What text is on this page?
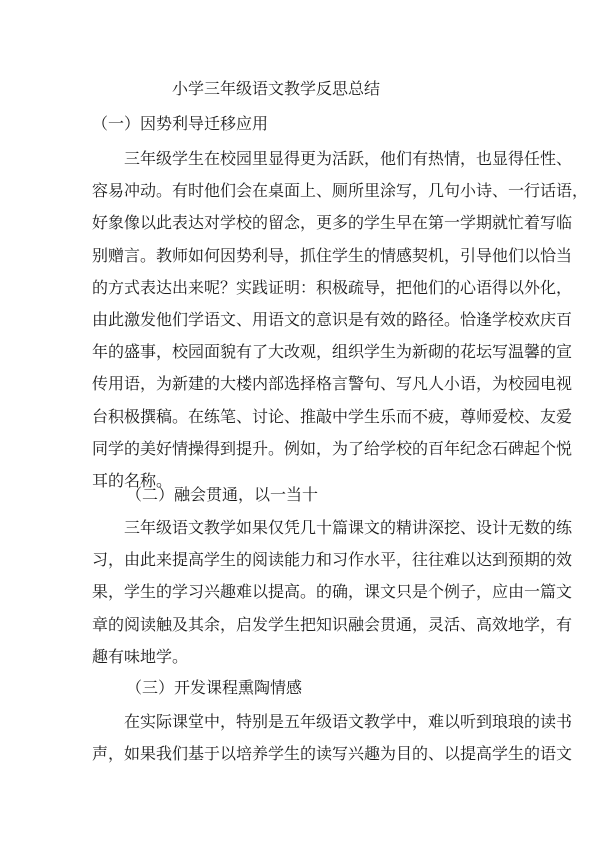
小学三年级语文教学反思总结
（一）因势利导迁移应用
三年级学生在校园里显得更为活跃，他们有热情，也显得任性、
容易冲动。有时他们会在桌面上、厕所里涂写，几句小诗、一行话语，
好象像以此表达对学校的留念，更多的学生早在第一学期就忙着写临
别赠言。教师如何因势利导，抓住学生的情感契机，引导他们以恰当
的方式表达出来呢？实践证明：积极疏导，把他们的心语得以外化，
由此激发他们学语文、用语文的意识是有效的路径。恰逢学校欢庆百
年的盛事，校园面貌有了大改观，组织学生为新砌的花坛写温馨的宣
传用语，为新建的大楼内部选择格言警句、写凡人小语，为校园电视
台积极撰稿。在练笔、讨论、推敲中学生乐而不疲，尊师爱校、友爱
同学的美好情操得到提升。例如，为了给学校的百年纪念石碑起个悦
耳的名称。
（二）融会贯通，以一当十
三年级语文教学如果仅凭几十篇课文的精讲深挖、设计无数的练
习，由此来提高学生的阅读能力和习作水平，往往难以达到预期的效
果，学生的学习兴趣难以提高。的确，课文只是个例子，应由一篇文
章的阅读触及其余，启发学生把知识融会贯通，灵活、高效地学，有
趣有味地学。
（三）开发课程熏陶情感
在实际课堂中，特别是五年级语文教学中，难以听到琅琅的读书
声，如果我们基于以培养学生的读写兴趣为目的、以提高学生的语文
